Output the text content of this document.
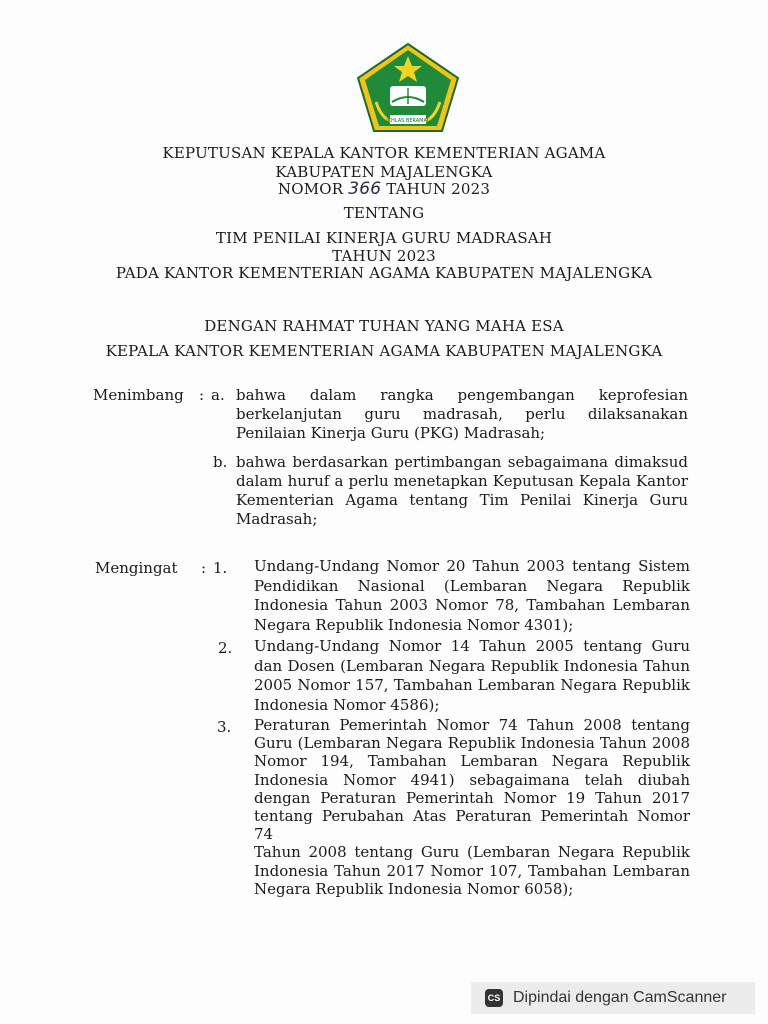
IKHLAS BERAMAL
KEPUTUSAN KEPALA KANTOR KEMENTERIAN AGAMA
KABUPATEN MAJALENGKA
NOMOR 366 TAHUN 2023
TENTANG
TIM PENILAI KINERJA GURU MADRASAH
TAHUN 2023
PADA KANTOR KEMENTERIAN AGAMA KABUPATEN MAJALENGKA
DENGAN RAHMAT TUHAN YANG MAHA ESA
KEPALA KANTOR KEMENTERIAN AGAMA KABUPATEN MAJALENGKA
Menimbang : a. bahwa dalam rangka pengembangan keprofesian
berkelanjutan guru madrasah, perlu dilaksanakan
Penilaian Kinerja Guru (PKG) Madrasah;
b. bahwa berdasarkan pertimbangan sebagaimana dimaksud
dalam huruf a perlu menetapkan Keputusan Kepala Kantor
Kementerian Agama tentang Tim Penilai Kinerja Guru
Madrasah;
Mengingat : 1. Undang-Undang Nomor 20 Tahun 2003 tentang Sistem
Pendidikan Nasional (Lembaran Negara Republik
Indonesia Tahun 2003 Nomor 78, Tambahan Lembaran
Negara Republik Indonesia Nomor 4301);
2. Undang-Undang Nomor 14 Tahun 2005 tentang Guru
dan Dosen (Lembaran Negara Republik Indonesia Tahun
2005 Nomor 157, Tambahan Lembaran Negara Republik
Indonesia Nomor 4586);
3. Peraturan Pemerintah Nomor 74 Tahun 2008 tentang
Guru (Lembaran Negara Republik Indonesia Tahun 2008
Nomor 194, Tambahan Lembaran Negara Republik
Indonesia Nomor 4941) sebagaimana telah diubah
dengan Peraturan Pemerintah Nomor 19 Tahun 2017
tentang Perubahan Atas Peraturan Pemerintah Nomor 74
Tahun 2008 tentang Guru (Lembaran Negara Republik
Indonesia Tahun 2017 Nomor 107, Tambahan Lembaran
Negara Republik Indonesia Nomor 6058);
CS Dipindai dengan CamScanner
